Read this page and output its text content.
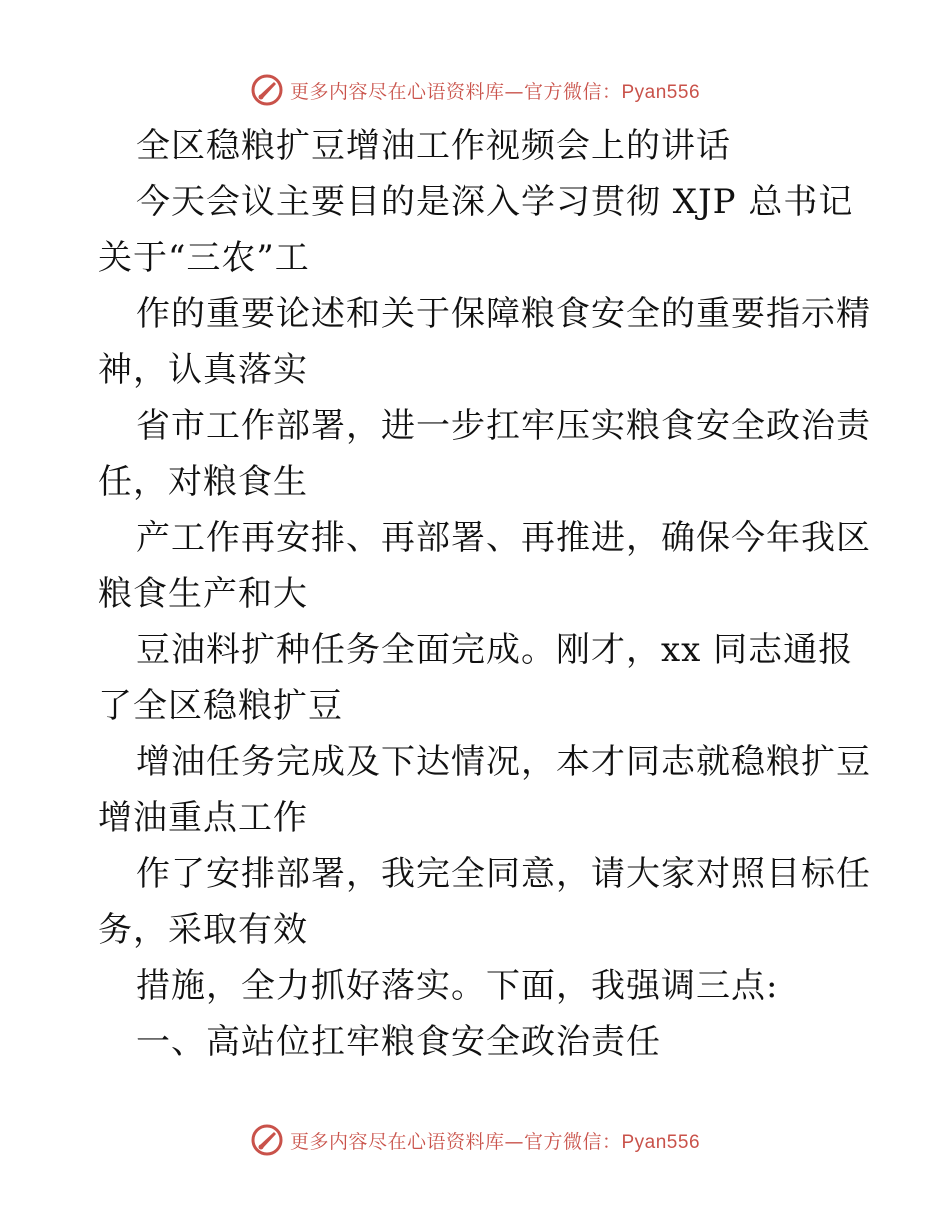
更多内容尽在心语资料库—官方微信：Pyan556
全区稳粮扩豆增油工作视频会上的讲话
今天会议主要目的是深入学习贯彻 XJP 总书记
关于“三农”工
作的重要论述和关于保障粮食安全的重要指示精
神，认真落实
省市工作部署，进一步扛牢压实粮食安全政治责
任，对粮食生
产工作再安排、再部署、再推进，确保今年我区
粮食生产和大
豆油料扩种任务全面完成。刚才，xx 同志通报
了全区稳粮扩豆
增油任务完成及下达情况，本才同志就稳粮扩豆
增油重点工作
作了安排部署，我完全同意，请大家对照目标任
务，采取有效
措施，全力抓好落实。下面，我强调三点:
一、高站位扛牢粮食安全政治责任
更多内容尽在心语资料库—官方微信：Pyan556
